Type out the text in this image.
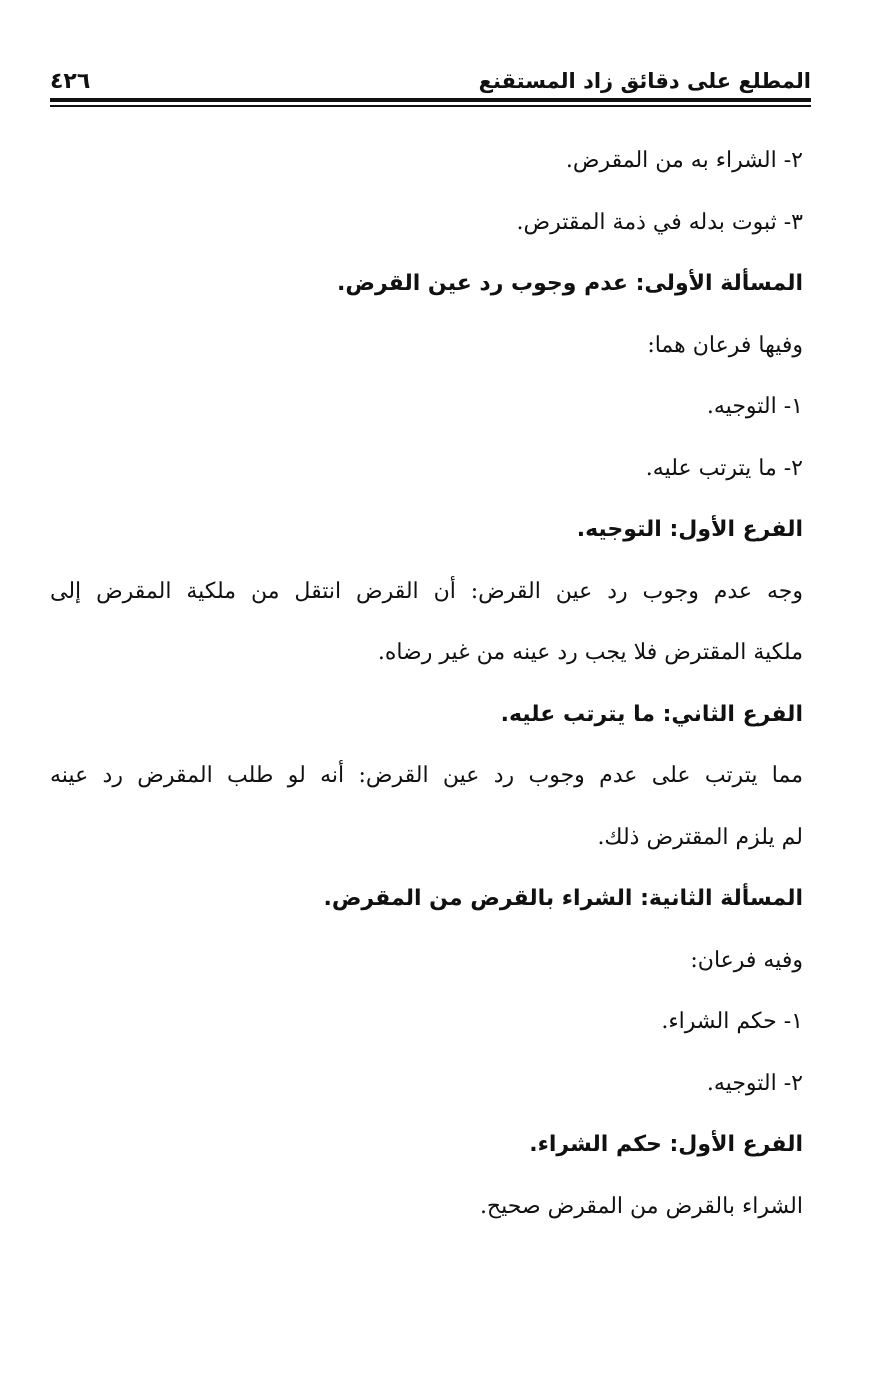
المطلع على دقائق زاد المستقنع
٤٢٦

٢- الشراء به من المقرض.

٣- ثبوت بدله في ذمة المقترض.

المسألة الأولى: عدم وجوب رد عين القرض.

وفيها فرعان هما:

١- التوجيه.

٢- ما يترتب عليه.

الفرع الأول: التوجيه.

وجه عدم وجوب رد عين القرض: أن القرض انتقل من ملكية المقرض إلى

ملكية المقترض فلا يجب رد عينه من غير رضاه.

الفرع الثاني: ما يترتب عليه.

مما يترتب على عدم وجوب رد عين القرض: أنه لو طلب المقرض رد عينه

لم يلزم المقترض ذلك.

المسألة الثانية: الشراء بالقرض من المقرض.

وفيه فرعان:

١- حكم الشراء.

٢- التوجيه.

الفرع الأول: حكم الشراء.

الشراء بالقرض من المقرض صحيح.
